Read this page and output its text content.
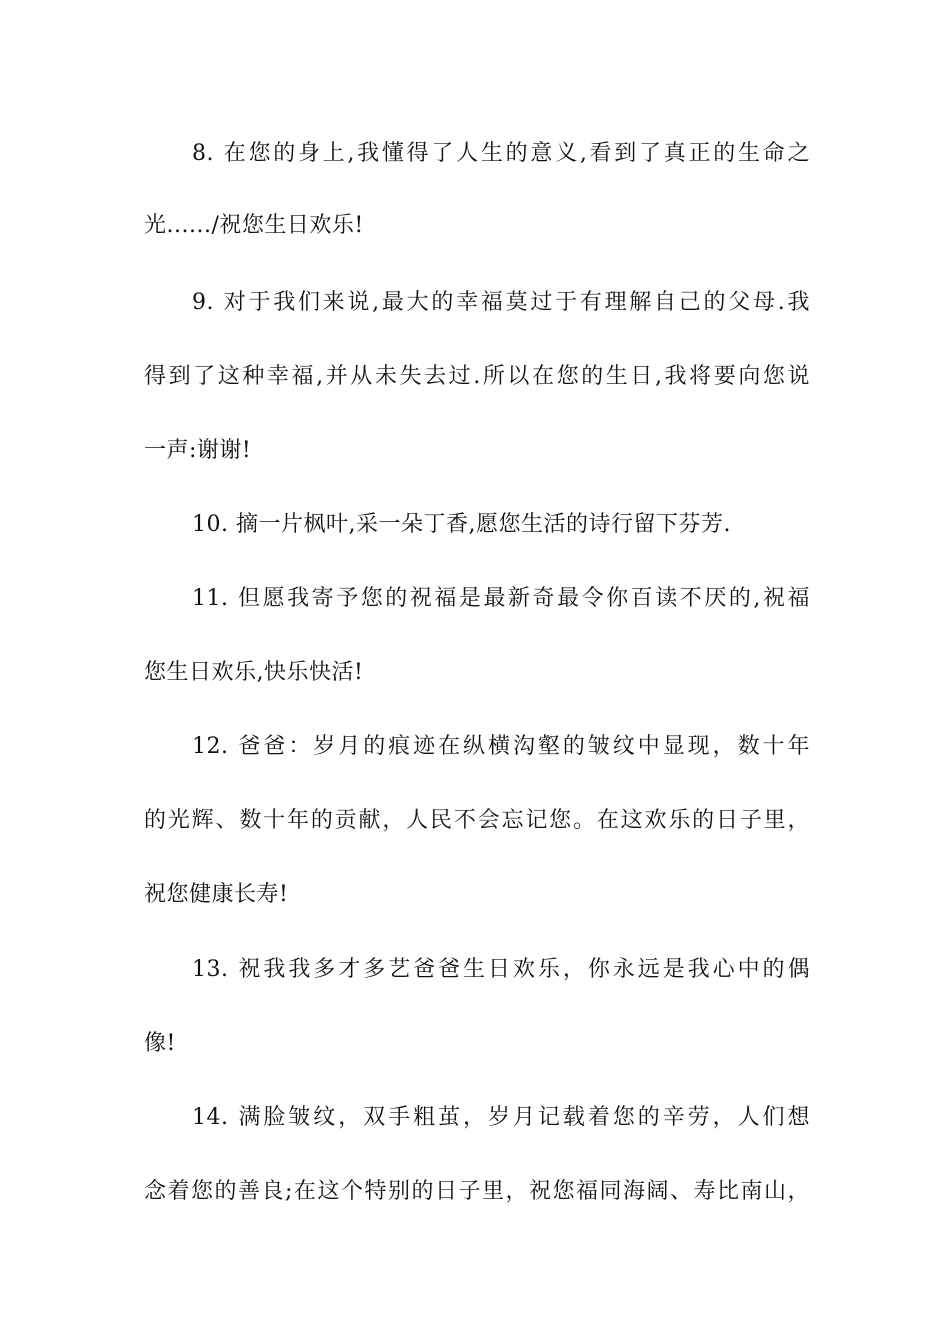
8. 在您的身上,我懂得了人生的意义,看到了真正的生命之
光....../祝您生日欢乐!
9. 对于我们来说,最大的幸福莫过于有理解自己的父母.我
得到了这种幸福,并从未失去过.所以在您的生日,我将要向您说
一声:谢谢!
10. 摘一片枫叶,采一朵丁香,愿您生活的诗行留下芬芳.
11. 但愿我寄予您的祝福是最新奇最令你百读不厌的,祝福
您生日欢乐,快乐快活!
12. 爸爸：岁月的痕迹在纵横沟壑的皱纹中显现，数十年
的光辉、数十年的贡献，人民不会忘记您。在这欢乐的日子里，
祝您健康长寿!
13. 祝我我多才多艺爸爸生日欢乐，你永远是我心中的偶
像!
14. 满脸皱纹，双手粗茧，岁月记载着您的辛劳，人们想
念着您的善良;在这个特别的日子里，祝您福同海阔、寿比南山，
